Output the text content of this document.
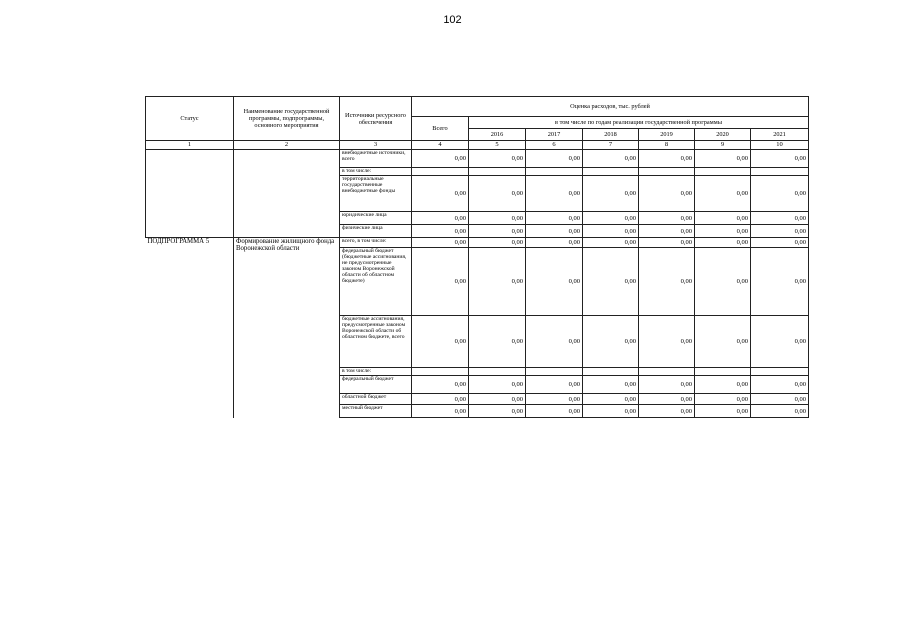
102
Статус	Наименование государственной программы, подпрограммы, основного мероприятия	Источники ресурсного обеспечения	Оценка расходов, тыс. рублей						
			Всего	в том числе по годам реализации государственной программы					
				2016	2017	2018	2019	2020	2021
1	2	3	4	5	6	7	8	9	10
		внебюджетные источники, всего	0,00	0,00	0,00	0,00	0,00	0,00	0,00
		в том числе:							
		территориальные государственные внебюджетные фонды	0,00	0,00	0,00	0,00	0,00	0,00	0,00
		юридические лица	0,00	0,00	0,00	0,00	0,00	0,00	0,00
		физические лица	0,00	0,00	0,00	0,00	0,00	0,00	0,00
ПОДПРОГРАММА 5	Формирование жилищного фонда Воронежской области	всего, в том числе:	0,00	0,00	0,00	0,00	0,00	0,00	0,00
		федеральный бюджет (бюджетные ассигнования, не предусмотренные законом Воронежской области об областном бюджете)	0,00	0,00	0,00	0,00	0,00	0,00	0,00
		бюджетные ассигнования, предусмотренные законом Воронежской области об областном бюджете, всего	0,00	0,00	0,00	0,00	0,00	0,00	0,00
		в том числе:							
		федеральный бюджет	0,00	0,00	0,00	0,00	0,00	0,00	0,00
		областной бюджет	0,00	0,00	0,00	0,00	0,00	0,00	0,00
		местный бюджет	0,00	0,00	0,00	0,00	0,00	0,00	0,00
